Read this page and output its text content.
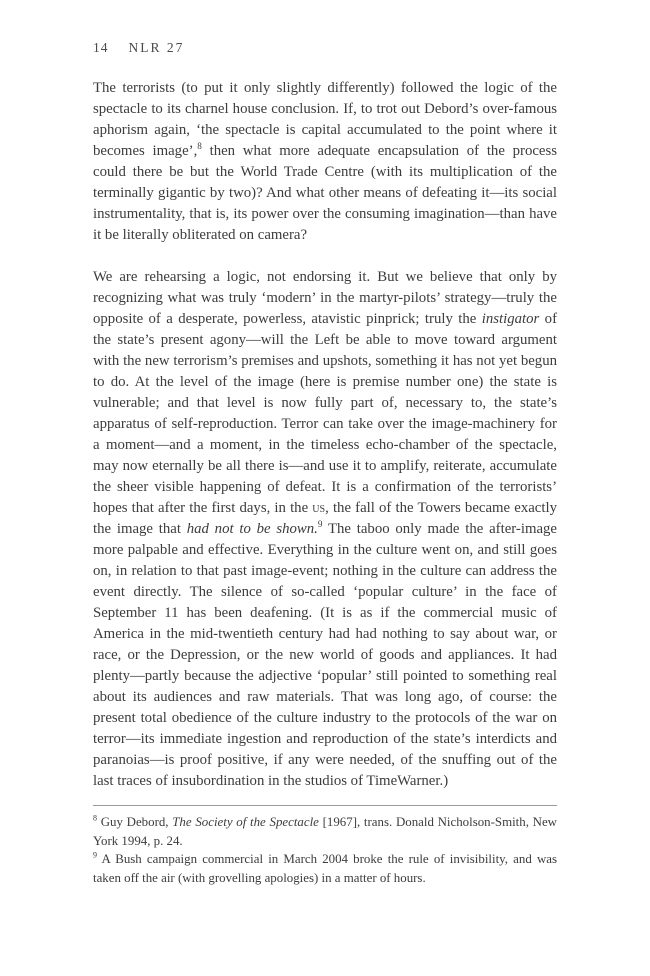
14 NLR 27

The terrorists (to put it only slightly differently) followed the logic of the spectacle to its charnel house conclusion. If, to trot out Debord’s over-famous aphorism again, ‘the spectacle is capital accumulated to the point where it becomes image’,$^8$ then what more adequate encapsulation of the process could there be but the World Trade Centre (with its multiplication of the terminally gigantic by two)? And what other means of defeating it—its social instrumentality, that is, its power over the consuming imagination—than have it be literally obliterated on camera?

We are rehearsing a logic, not endorsing it. But we believe that only by recognizing what was truly ‘modern’ in the martyr-pilots’ strategy—truly the opposite of a desperate, powerless, atavistic pinprick; truly the instigator of the state’s present agony—will the Left be able to move toward argument with the new terrorism’s premises and upshots, something it has not yet begun to do. At the level of the image (here is premise number one) the state is vulnerable; and that level is now fully part of, necessary to, the state’s apparatus of self-reproduction. Terror can take over the image-machinery for a moment—and a moment, in the timeless echo-chamber of the spectacle, may now eternally be all there is—and use it to amplify, reiterate, accumulate the sheer visible happening of defeat. It is a confirmation of the terrorists’ hopes that after the first days, in the us, the fall of the Towers became exactly the image that had not to be shown.$^9$ The taboo only made the after-image more palpable and effective. Everything in the culture went on, and still goes on, in relation to that past image-event; nothing in the culture can address the event directly. The silence of so-called ‘popular culture’ in the face of September 11 has been deafening. (It is as if the commercial music of America in the mid-twentieth century had had nothing to say about war, or race, or the Depression, or the new world of goods and appliances. It had plenty—partly because the adjective ‘popular’ still pointed to something real about its audiences and raw materials. That was long ago, of course: the present total obedience of the culture industry to the protocols of the war on terror—its immediate ingestion and reproduction of the state’s interdicts and paranoias—is proof positive, if any were needed, of the snuffing out of the last traces of insubordination in the studios of TimeWarner.)

$^8$ Guy Debord, The Society of the Spectacle [1967], trans. Donald Nicholson-Smith, New York 1994, p. 24.

$^9$ A Bush campaign commercial in March 2004 broke the rule of invisibility, and was taken off the air (with grovelling apologies) in a matter of hours.
